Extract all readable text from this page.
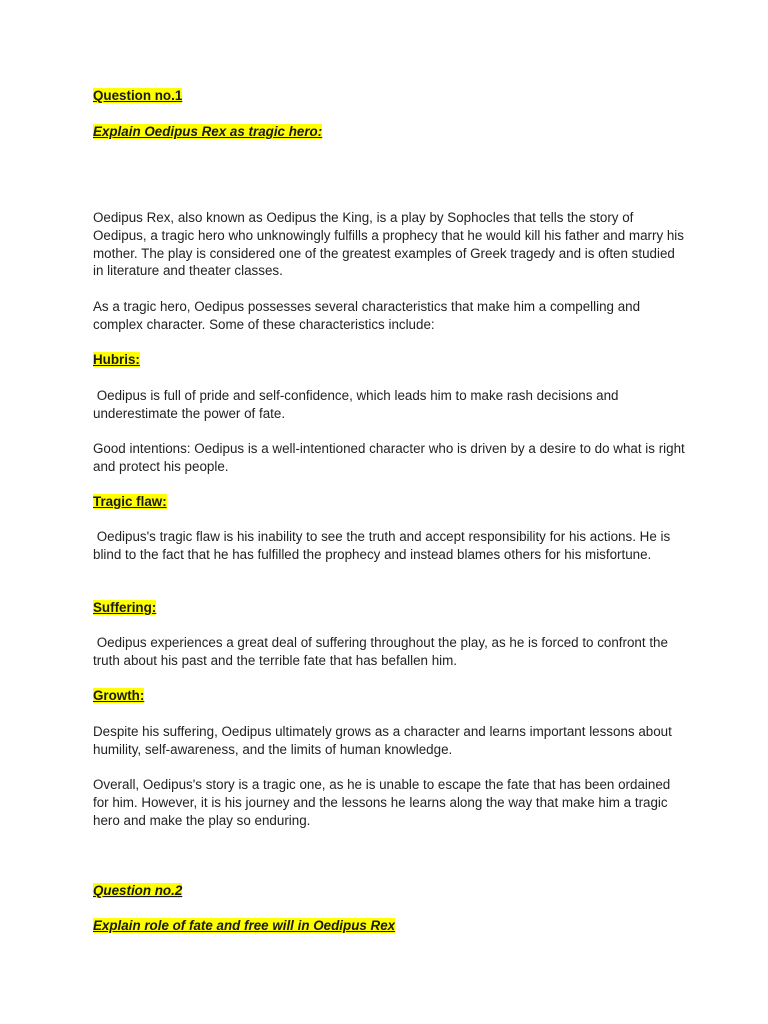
Question no.1
Explain Oedipus Rex as tragic hero:

Oedipus Rex, also known as Oedipus the King, is a play by Sophocles that tells the story of Oedipus, a tragic hero who unknowingly fulfills a prophecy that he would kill his father and marry his mother. The play is considered one of the greatest examples of Greek tragedy and is often studied in literature and theater classes.

As a tragic hero, Oedipus possesses several characteristics that make him a compelling and complex character. Some of these characteristics include:

Hubris:

Oedipus is full of pride and self-confidence, which leads him to make rash decisions and underestimate the power of fate.

Good intentions: Oedipus is a well-intentioned character who is driven by a desire to do what is right and protect his people.

Tragic flaw:

Oedipus's tragic flaw is his inability to see the truth and accept responsibility for his actions. He is blind to the fact that he has fulfilled the prophecy and instead blames others for his misfortune.

Suffering:

Oedipus experiences a great deal of suffering throughout the play, as he is forced to confront the truth about his past and the terrible fate that has befallen him.

Growth:

Despite his suffering, Oedipus ultimately grows as a character and learns important lessons about humility, self-awareness, and the limits of human knowledge.

Overall, Oedipus's story is a tragic one, as he is unable to escape the fate that has been ordained for him. However, it is his journey and the lessons he learns along the way that make him a tragic hero and make the play so enduring.

Question no.2
Explain role of fate and free will in Oedipus Rex
